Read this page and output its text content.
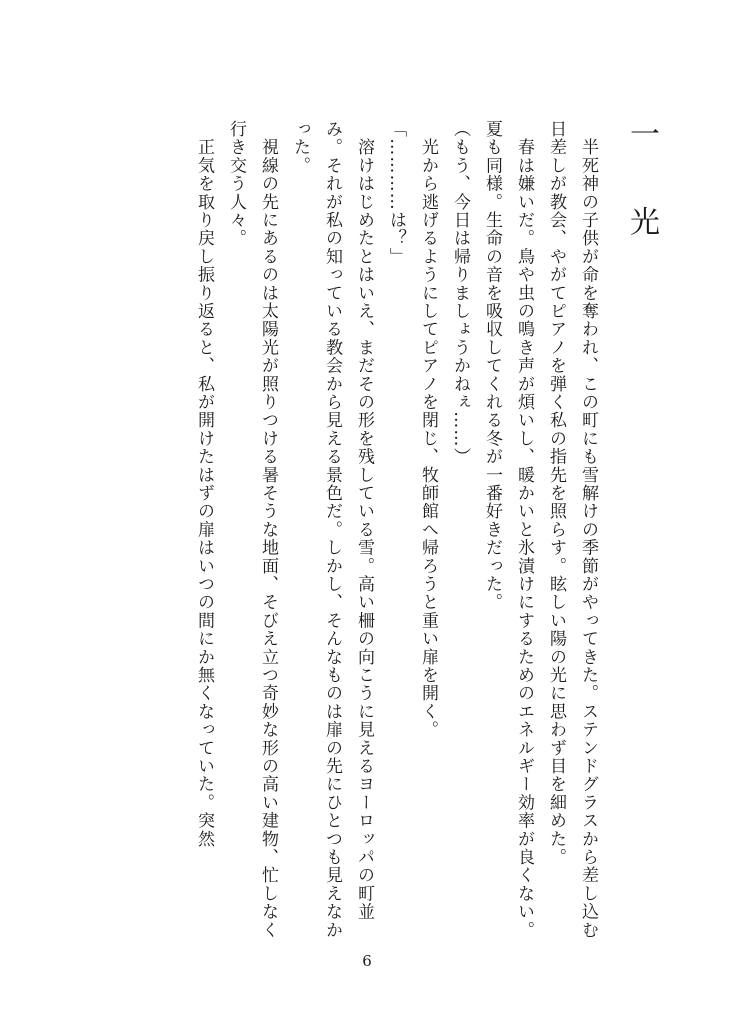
一　光

　半死神の子供が命を奪われ、この町にも雪解けの季節がやってきた。ステンドグラスから差し込む日差しが教会、やがてピアノを弾く私の指先を照らす。眩しい陽の光に思わず目を細めた。

　春は嫌いだ。鳥や虫の鳴き声が煩いし、暖かいと氷漬けにするためのエネルギー効率が良くない。夏も同様。生命の音を吸収してくれる冬が一番好きだった。

（もう、今日は帰りましょうかねぇ……）

　光から逃げるようにしてピアノを閉じ、牧師館へ帰ろうと重い扉を開く。

「…………は？」

　溶けはじめたとはいえ、まだその形を残している雪。高い柵の向こうに見えるヨーロッパの町並み。それが私の知っている教会から見える景色だ。しかし、そんなものは扉の先にひとつも見えなかった。

　視線の先にあるのは太陽光が照りつける暑そうな地面、そびえ立つ奇妙な形の高い建物、忙しなく行き交う人々。

　正気を取り戻し振り返ると、私が開けたはずの扉はいつの間にか無くなっていた。突然

6
